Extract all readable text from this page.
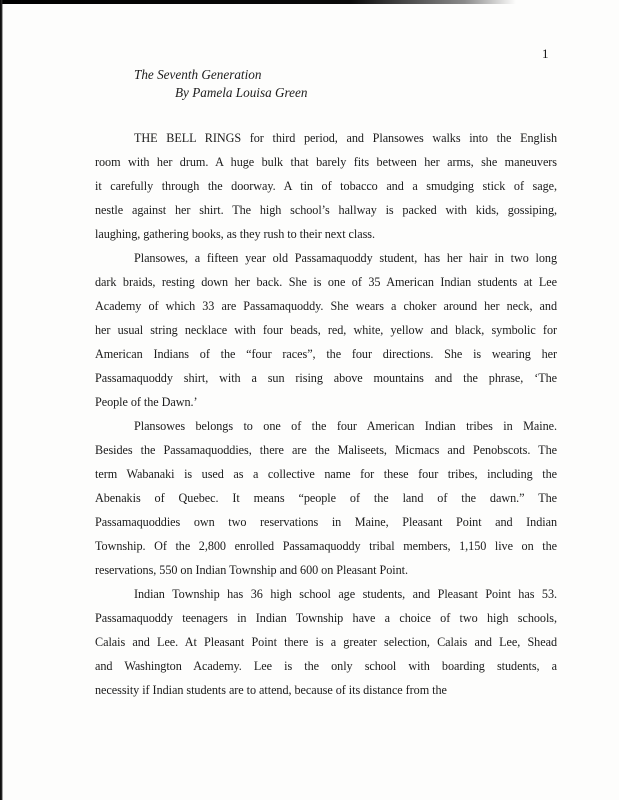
1
The Seventh Generation
By Pamela Louisa Green
THE BELL RINGS for third period, and Plansowes walks into the English
room with her drum. A huge bulk that barely fits between her arms, she maneuvers
it carefully through the doorway. A tin of tobacco and a smudging stick of sage,
nestle against her shirt. The high school’s hallway is packed with kids, gossiping,
laughing, gathering books, as they rush to their next class.
Plansowes, a fifteen year old Passamaquoddy student, has her hair in two long
dark braids, resting down her back. She is one of 35 American Indian students at Lee
Academy of which 33 are Passamaquoddy. She wears a choker around her neck, and
her usual string necklace with four beads, red, white, yellow and black, symbolic for
American Indians of the “four races”, the four directions. She is wearing her
Passamaquoddy shirt, with a sun rising above mountains and the phrase, ‘The
People of the Dawn.’
Plansowes belongs to one of the four American Indian tribes in Maine.
Besides the Passamaquoddies, there are the Maliseets, Micmacs and Penobscots. The
term Wabanaki is used as a collective name for these four tribes, including the
Abenakis of Quebec. It means “people of the land of the dawn.” The
Passamaquoddies own two reservations in Maine, Pleasant Point and Indian
Township. Of the 2,800 enrolled Passamaquoddy tribal members, 1,150 live on the
reservations, 550 on Indian Township and 600 on Pleasant Point.
Indian Township has 36 high school age students, and Pleasant Point has 53.
Passamaquoddy teenagers in Indian Township have a choice of two high schools,
Calais and Lee. At Pleasant Point there is a greater selection, Calais and Lee, Shead
and Washington Academy. Lee is the only school with boarding students, a
necessity if Indian students are to attend, because of its distance from the
